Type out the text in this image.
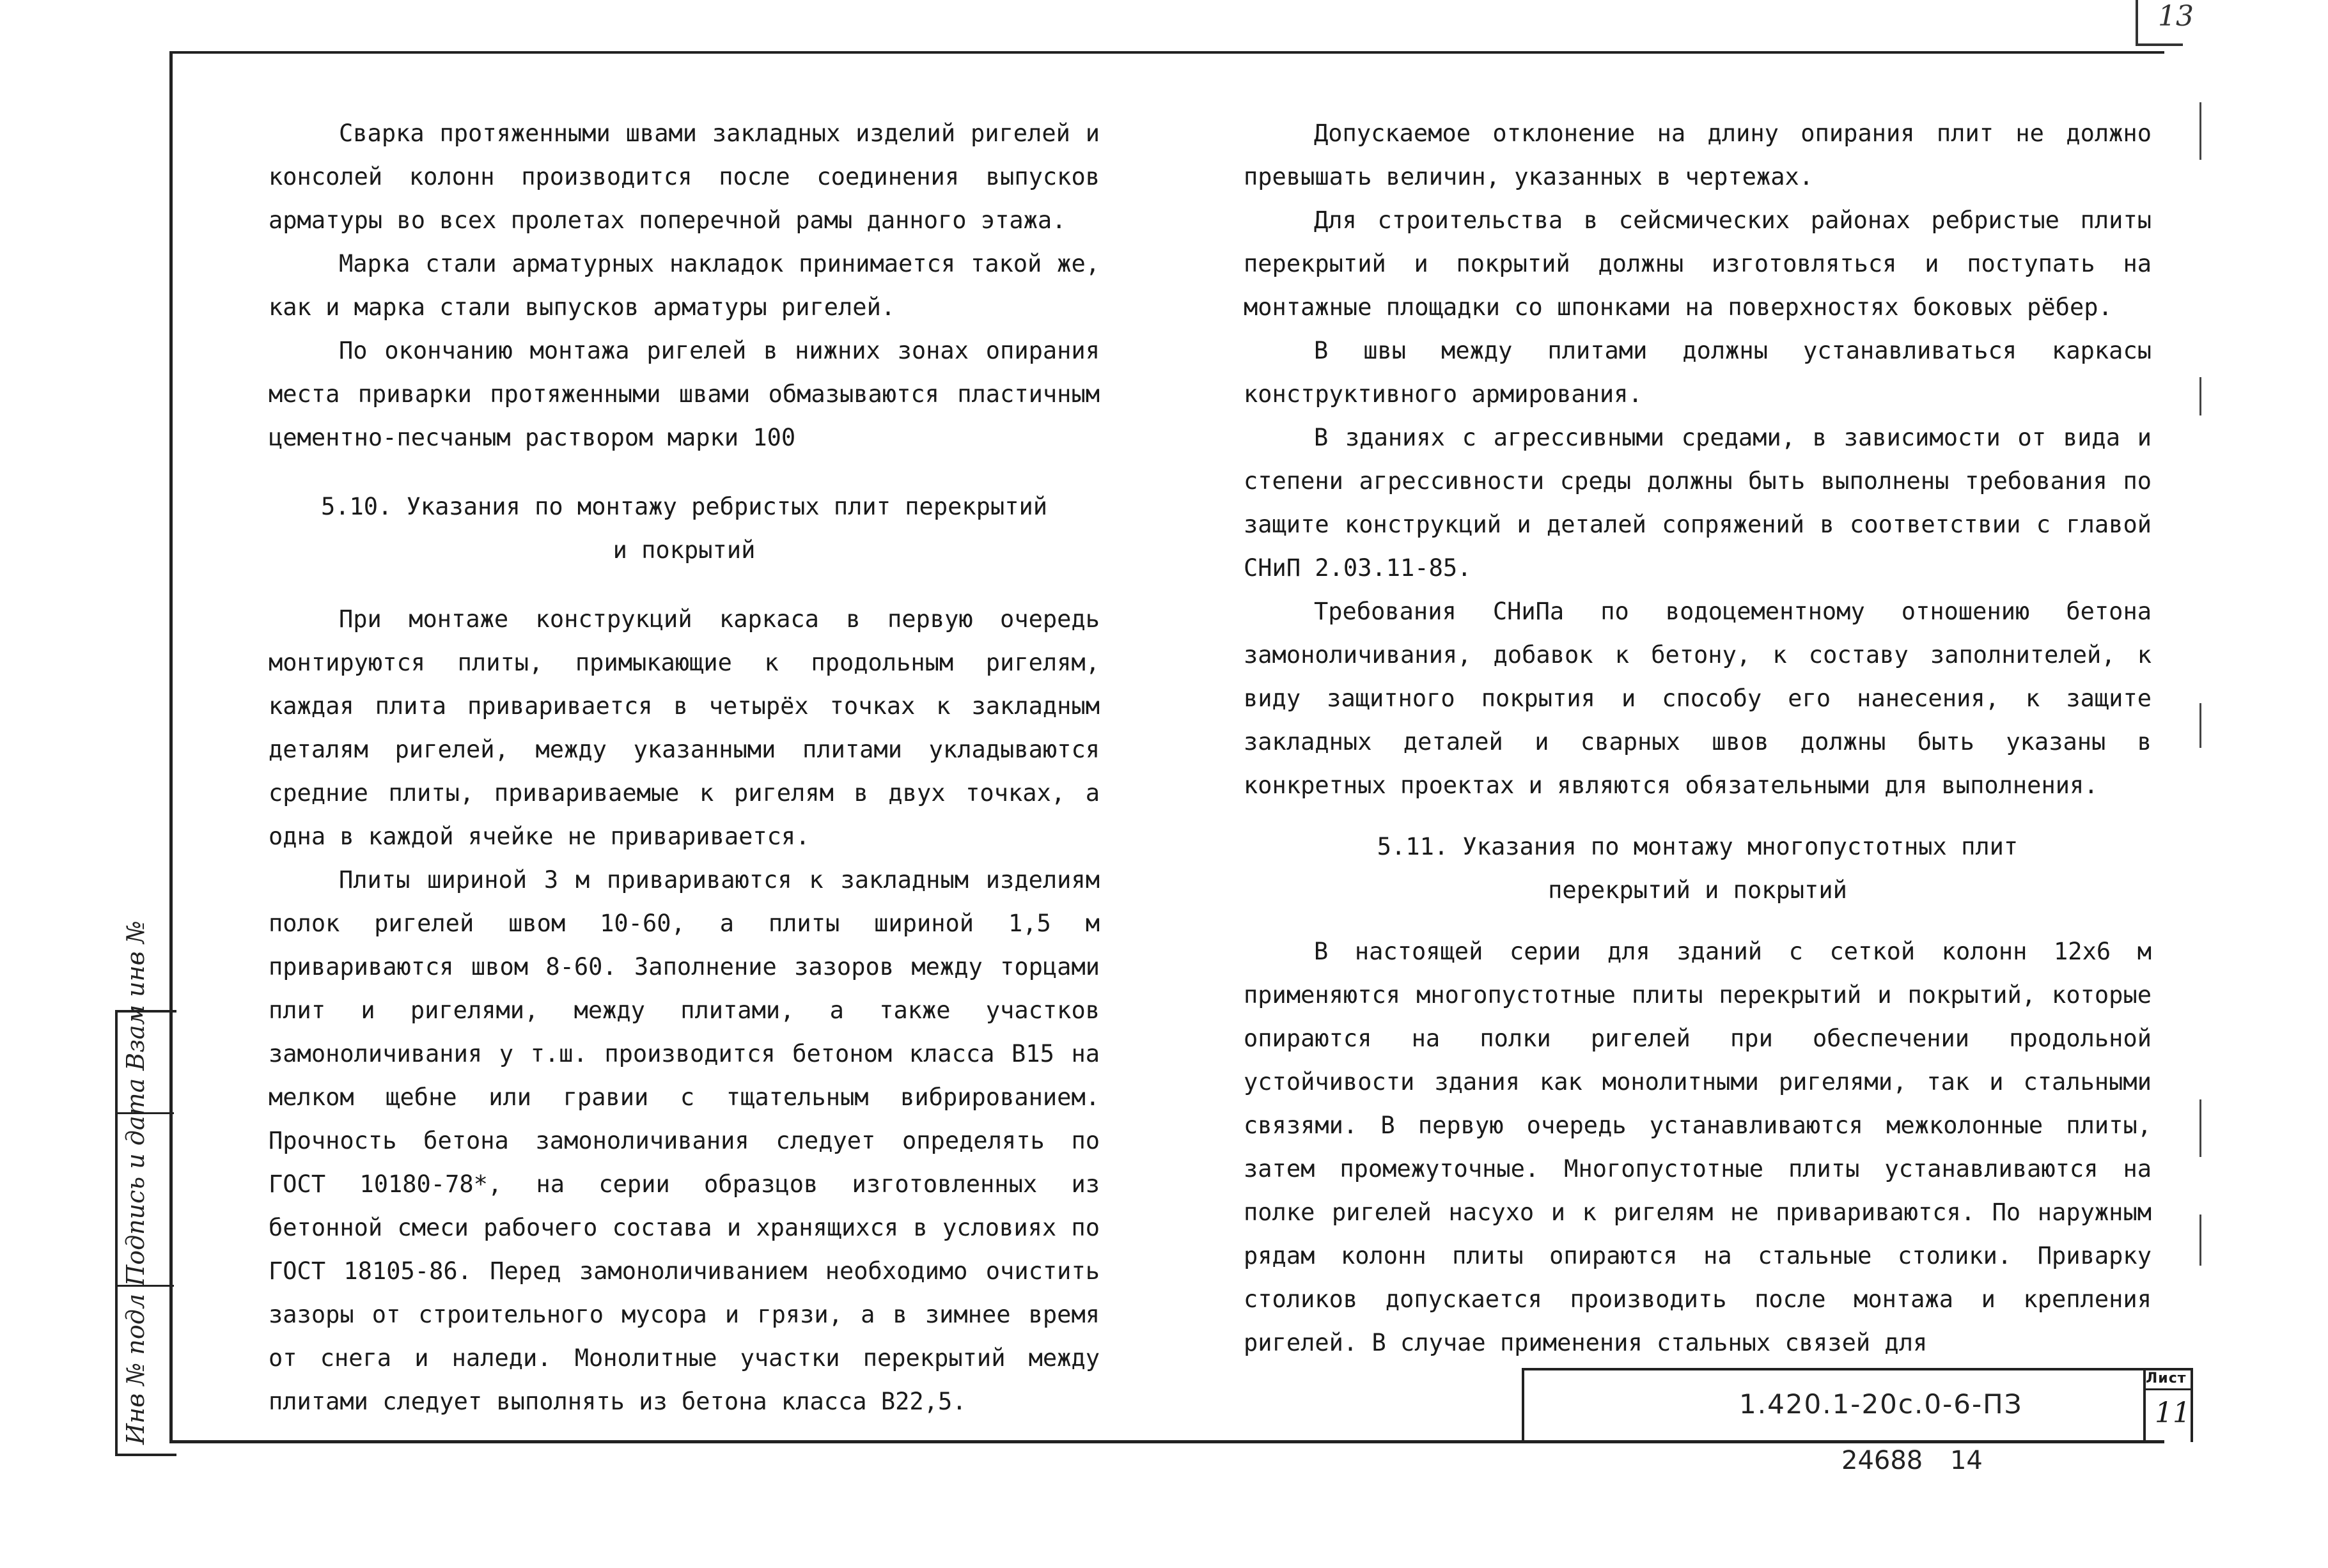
13

Сварка протяженными швами закладных изделий ригелей и консолей колонн производится после соединения выпусков арматуры во всех пролетах поперечной рамы данного этажа.

Марка стали арматурных накладок принимается такой же, как и марка стали выпусков арматуры ригелей.

По окончанию монтажа ригелей в нижних зонах опирания места приварки протяженными швами обмазываются пластичным цементно-песчаным раствором марки 100

5.10. Указания по монтажу ребристых плит перекрытий

и покрытий

При монтаже конструкций каркаса в первую очередь монтируются плиты, примыкающие к продольным ригелям, каждая плита приваривается в четырёх точках к закладным деталям ригелей, между указанными плитами укладываются средние плиты, привариваемые к ригелям в двух точках, а одна в каждой ячейке не приваривается.

Плиты шириной 3 м привариваются к закладным изделиям полок ригелей швом 10-60, а плиты шириной 1,5 м привариваются швом 8-60. Заполнение зазоров между торцами плит и ригелями, между плитами, а также участков замоноличивания у т.ш. производится бетоном класса В15 на мелком щебне или гравии с тщательным вибрированием. Прочность бетона замоноличивания следует определять по ГОСТ 10180-78*, на серии образцов изготовленных из бетонной смеси рабочего состава и хранящихся в условиях по ГОСТ 18105-86. Перед замоноличиванием необходимо очистить зазоры от строительного мусора и грязи, а в зимнее время от снега и наледи. Монолитные участки перекрытий между плитами следует выполнять из бетона класса В22,5.

Допускаемое отклонение на длину опирания плит не должно превышать величин, указанных в чертежах.

Для строительства в сейсмических районах ребристые плиты перекрытий и покрытий должны изготовляться и поступать на монтажные площадки со шпонками на поверхностях боковых рёбер.

В швы между плитами должны устанавливаться каркасы конструктивного армирования.

В зданиях с агрессивными средами, в зависимости от вида и степени агрессивности среды должны быть выполнены требования по защите конструкций и деталей сопряжений в соответствии с главой СНиП 2.03.11-85.

Требования СНиПа по водоцементному отношению бетона замоноличивания, добавок к бетону, к составу заполнителей, к виду защитного покрытия и способу его нанесения, к защите закладных деталей и сварных швов должны быть указаны в конкретных проектах и являются обязательными для выполнения.

5.11. Указания по монтажу многопустотных плит

перекрытий и покрытий

В настоящей серии для зданий с сеткой колонн 12х6 м применяются многопустотные плиты перекрытий и покрытий, которые опираются на полки ригелей при обеспечении продольной устойчивости здания как монолитными ригелями, так и стальными связями. В первую очередь устанавливаются межколонные плиты, затем промежуточные. Многопустотные плиты устанавливаются на полке ригелей насухо и к ригелям не привариваются. По наружным рядам колонн плиты опираются на стальные столики. Приварку столиков допускается производить после монтажа и крепления ригелей. В случае применения стальных связей для

1.420.1-20с.0-6-ПЗ
Лист
11
24688 14
Инв № подл Подпись и дата Взам инв №
